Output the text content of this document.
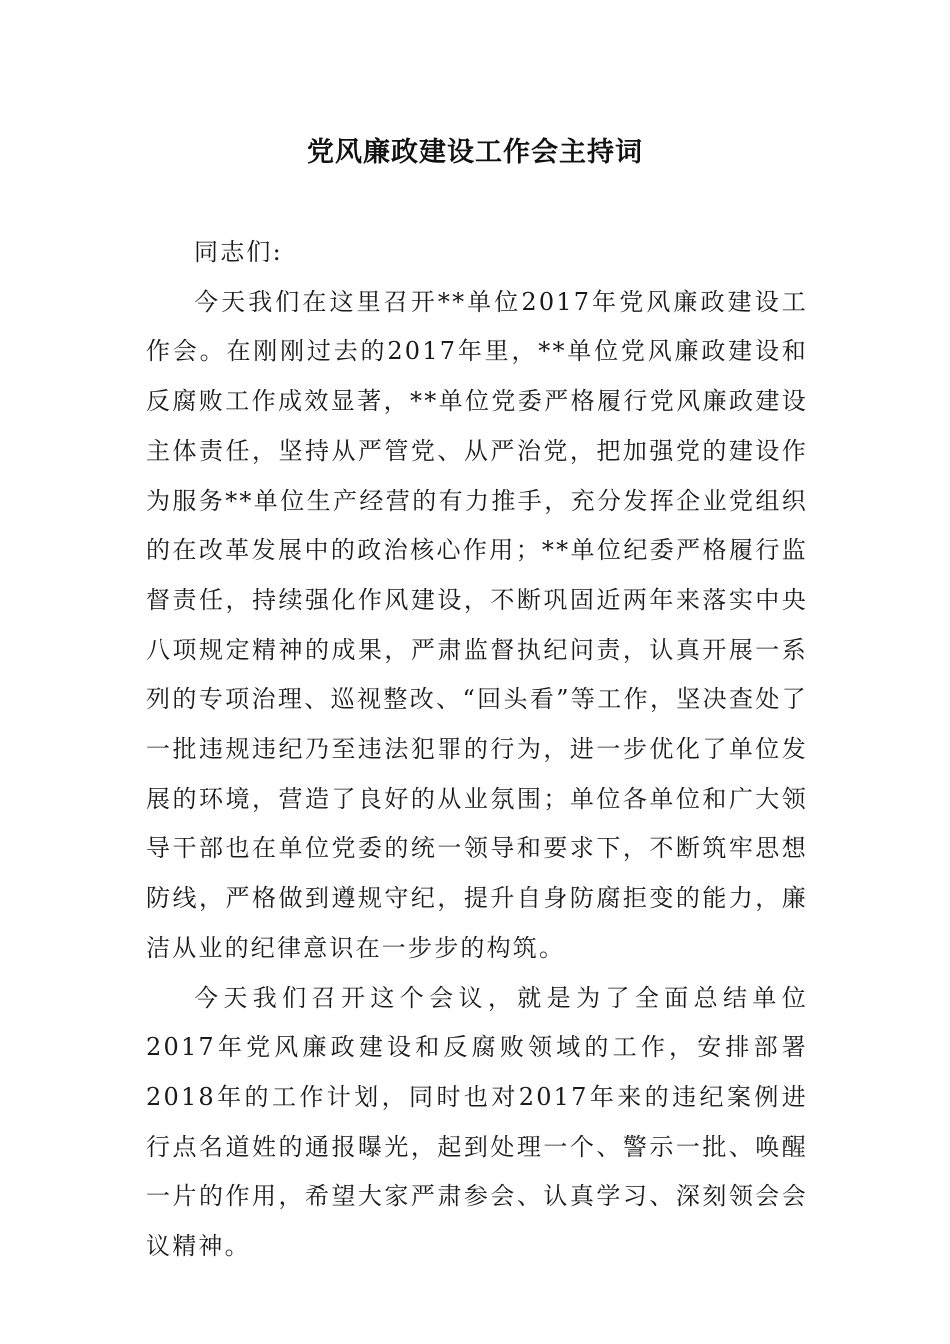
党风廉政建设工作会主持词

同志们:

今天我们在这里召开**单位2017年党风廉政建设工作会。在刚刚过去的2017年里，**单位党风廉政建设和反腐败工作成效显著，**单位党委严格履行党风廉政建设主体责任，坚持从严管党、从严治党，把加强党的建设作为服务**单位生产经营的有力推手，充分发挥企业党组织的在改革发展中的政治核心作用；**单位纪委严格履行监督责任，持续强化作风建设，不断巩固近两年来落实中央八项规定精神的成果，严肃监督执纪问责，认真开展一系列的专项治理、巡视整改、“回头看”等工作，坚决查处了一批违规违纪乃至违法犯罪的行为，进一步优化了单位发展的环境，营造了良好的从业氛围；单位各单位和广大领导干部也在单位党委的统一领导和要求下，不断筑牢思想防线，严格做到遵规守纪，提升自身防腐拒变的能力，廉洁从业的纪律意识在一步步的构筑。

今天我们召开这个会议，就是为了全面总结单位2017年党风廉政建设和反腐败领域的工作，安排部署2018年的工作计划，同时也对2017年来的违纪案例进行点名道姓的通报曝光，起到处理一个、警示一批、唤醒一片的作用，希望大家严肃参会、认真学习、深刻领会会议精神。
